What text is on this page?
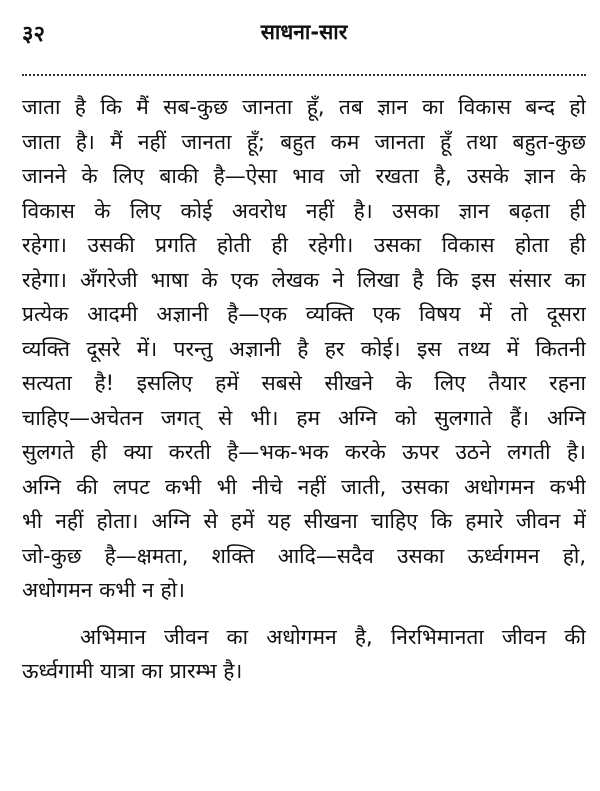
३२	साधना-सार
जाता है कि मैं सब-कुछ जानता हूँ, तब ज्ञान का विकास बन्द हो
जाता है। मैं नहीं जानता हूँ; बहुत कम जानता हूँ तथा बहुत-कुछ
जानने के लिए बाकी है—ऐसा भाव जो रखता है, उसके ज्ञान के
विकास के लिए कोई अवरोध नहीं है। उसका ज्ञान बढ़ता ही
रहेगा। उसकी प्रगति होती ही रहेगी। उसका विकास होता ही
रहेगा। अँगरेजी भाषा के एक लेखक ने लिखा है कि इस संसार का
प्रत्येक आदमी अज्ञानी है—एक व्यक्ति एक विषय में तो दूसरा
व्यक्ति दूसरे में। परन्तु अज्ञानी है हर कोई। इस तथ्य में कितनी
सत्यता है! इसलिए हमें सबसे सीखने के लिए तैयार रहना
चाहिए—अचेतन जगत् से भी। हम अग्नि को सुलगाते हैं। अग्नि
सुलगते ही क्या करती है—भक-भक करके ऊपर उठने लगती है।
अग्नि की लपट कभी भी नीचे नहीं जाती, उसका अधोगमन कभी
भी नहीं होता। अग्नि से हमें यह सीखना चाहिए कि हमारे जीवन में
जो-कुछ है—क्षमता, शक्ति आदि—सदैव उसका ऊर्ध्वगमन हो,
अधोगमन कभी न हो।
अभिमान जीवन का अधोगमन है, निरभिमानता जीवन की
ऊर्ध्वगामी यात्रा का प्रारम्भ है।
